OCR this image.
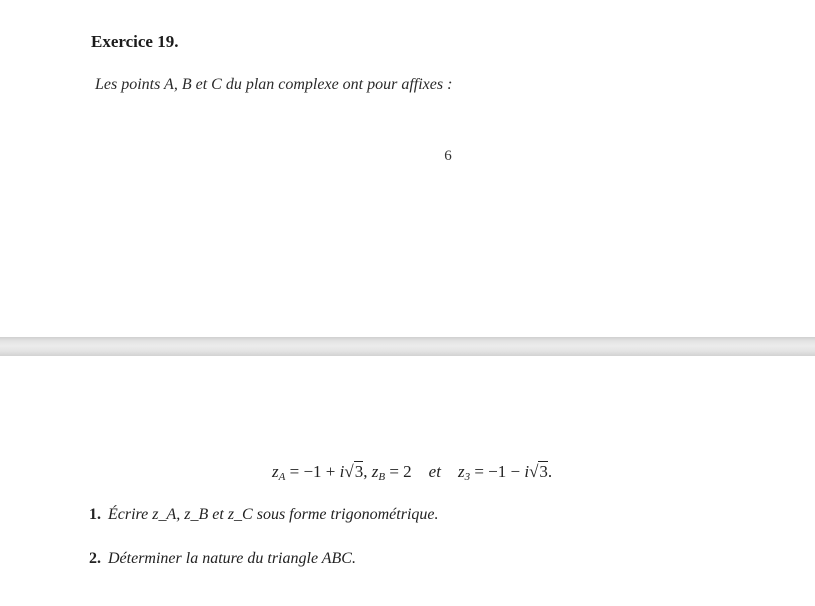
Exercice 19.

Les points A, B et C du plan complexe ont pour affixes :

6
$z_A = -1 + i√3$, $z_B = 2$ et $z_3 = -1 - i√3$.

1. Écrire z_A, z_B et z_C sous forme trigonométrique.

2. Déterminer la nature du triangle ABC.
